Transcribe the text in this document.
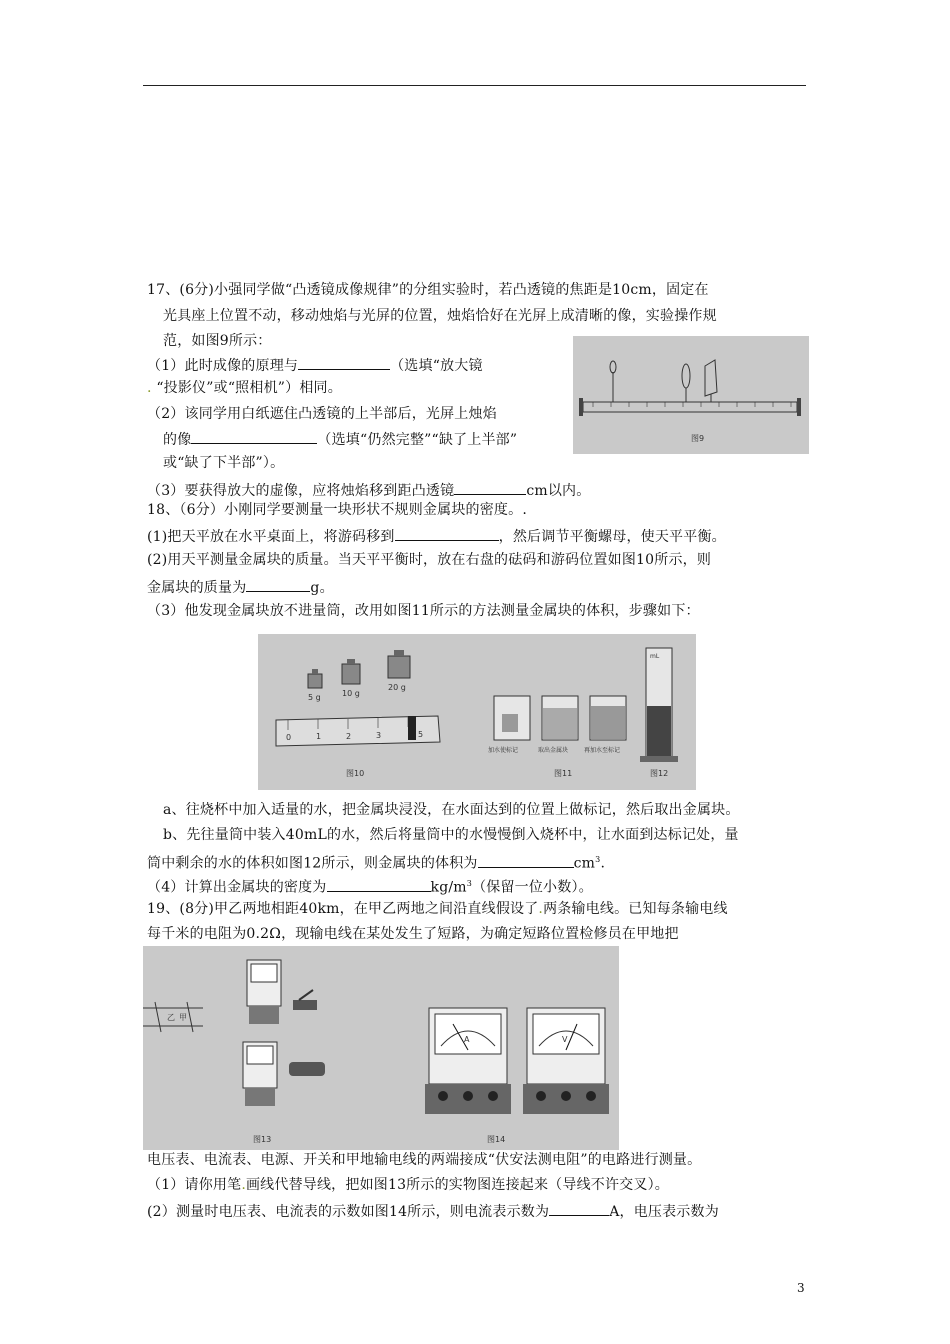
17、(6分)小强同学做“凸透镜成像规律”的分组实验时，若凸透镜的焦距是10cm，固定在
光具座上位置不动，移动烛焰与光屏的位置，烛焰恰好在光屏上成清晰的像，实验操作规
范，如图9所示：
（1）此时成像的原理与	（选填“放大镜
. “投影仪”或“照相机”）相同。
（2）该同学用白纸遮住凸透镜的上半部后，光屏上烛焰
的像	（选填“仍然完整”“缺了上半部”
或“缺了下半部”）。
（3）要获得放大的虚像，应将烛焰移到距凸透镜	cm以内。
图9
18、（6分）小刚同学要测量一块形状不规则金属块的密度。.
(1)把天平放在水平桌面上，将游码移到	，然后调节平衡螺母，使天平平衡。
(2)用天平测量金属块的质量。当天平平衡时，放在右盘的砝码和游码位置如图10所示，则
金属块的质量为	g。
（3）他发现金属块放不进量筒，改用如图11所示的方法测量金属块的体积，步骤如下：
5 g	10 g
20 g
0	1	2	3	5
图10
加水使标记	取出金属块	再加水至标记
图11
mL
图12
a、往烧杯中加入适量的水，把金属块浸没，在水面达到的位置上做标记，然后取出金属块。
b、先往量筒中装入40mL的水，然后将量筒中的水慢慢倒入烧杯中，让水面到达标记处，量
筒中剩余的水的体积如图12所示，则金属块的体积为	$cm^3$.
（4）计算出金属块的密度为	$kg/m^3$（保留一位小数）。
19、(8分)甲乙两地相距40km，在甲乙两地之间沿直线假设了.两条输电线。已知每条输电线
每千米的电阻为0.2Ω，现输电线在某处发生了短路，为确定短路位置检修员在甲地把
乙 甲
图13
A	V
图14
电压表、电流表、电源、开关和甲地输电线的两端接成“伏安法测电阻”的电路进行测量。
（1）请你用笔.画线代替导线，把如图13所示的实物图连接起来（导线不许交叉）。
(2）测量时电压表、电流表的示数如图14所示，则电流表示数为	A，电压表示数为
3
